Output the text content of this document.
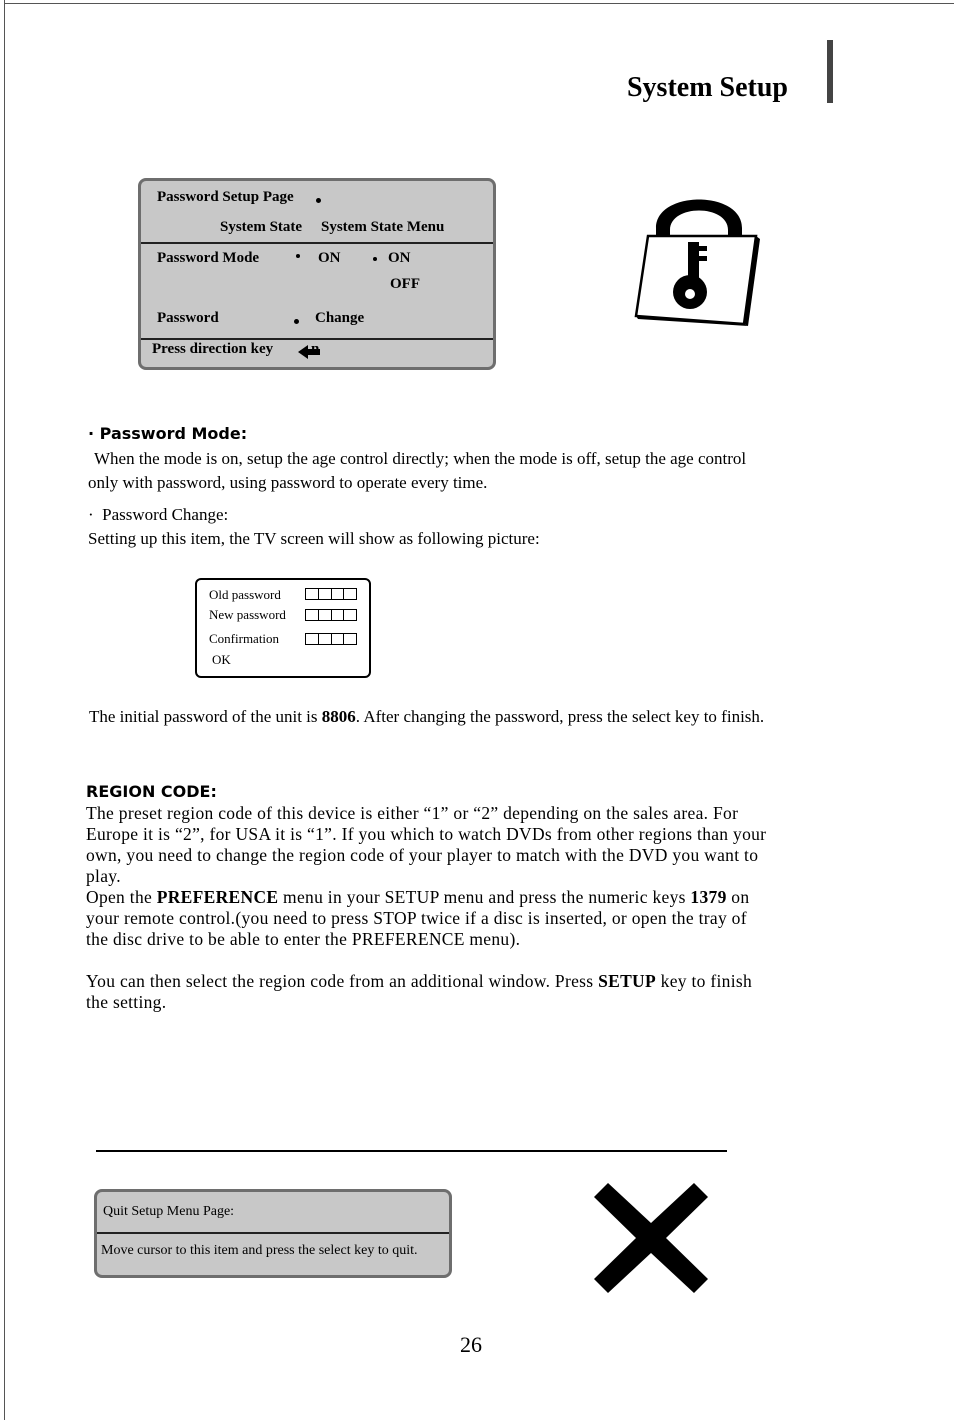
System Setup
Password Setup Page
System State System State Menu
Password Mode	ON	ON
OFF
Password	Change
Press direction key	n
· Password Mode:
When the mode is on, setup the age control directly; when the mode is off, setup the age control
only with password, using password to operate every time.
· Password Change:
Setting up this item, the TV screen will show as following picture:
Old password
New password
Confirmation
OK
The initial password of the unit is 8806. After changing the password, press the select key to finish.
REGION CODE:
The preset region code of this device is either “1” or “2” depending on the sales area. For
Europe it is “2”, for USA it is “1”. If you which to watch DVDs from other regions than your
own, you need to change the region code of your player to match with the DVD you want to
play.
Open the PREFERENCE menu in your SETUP menu and press the numeric keys 1379 on
your remote control.(you need to press STOP twice if a disc is inserted, or open the tray of
the disc drive to be able to enter the PREFERENCE menu).
You can then select the region code from an additional window. Press SETUP key to finish
the setting.
Quit Setup Menu Page:
Move cursor to this item and press the select key to quit.
26
